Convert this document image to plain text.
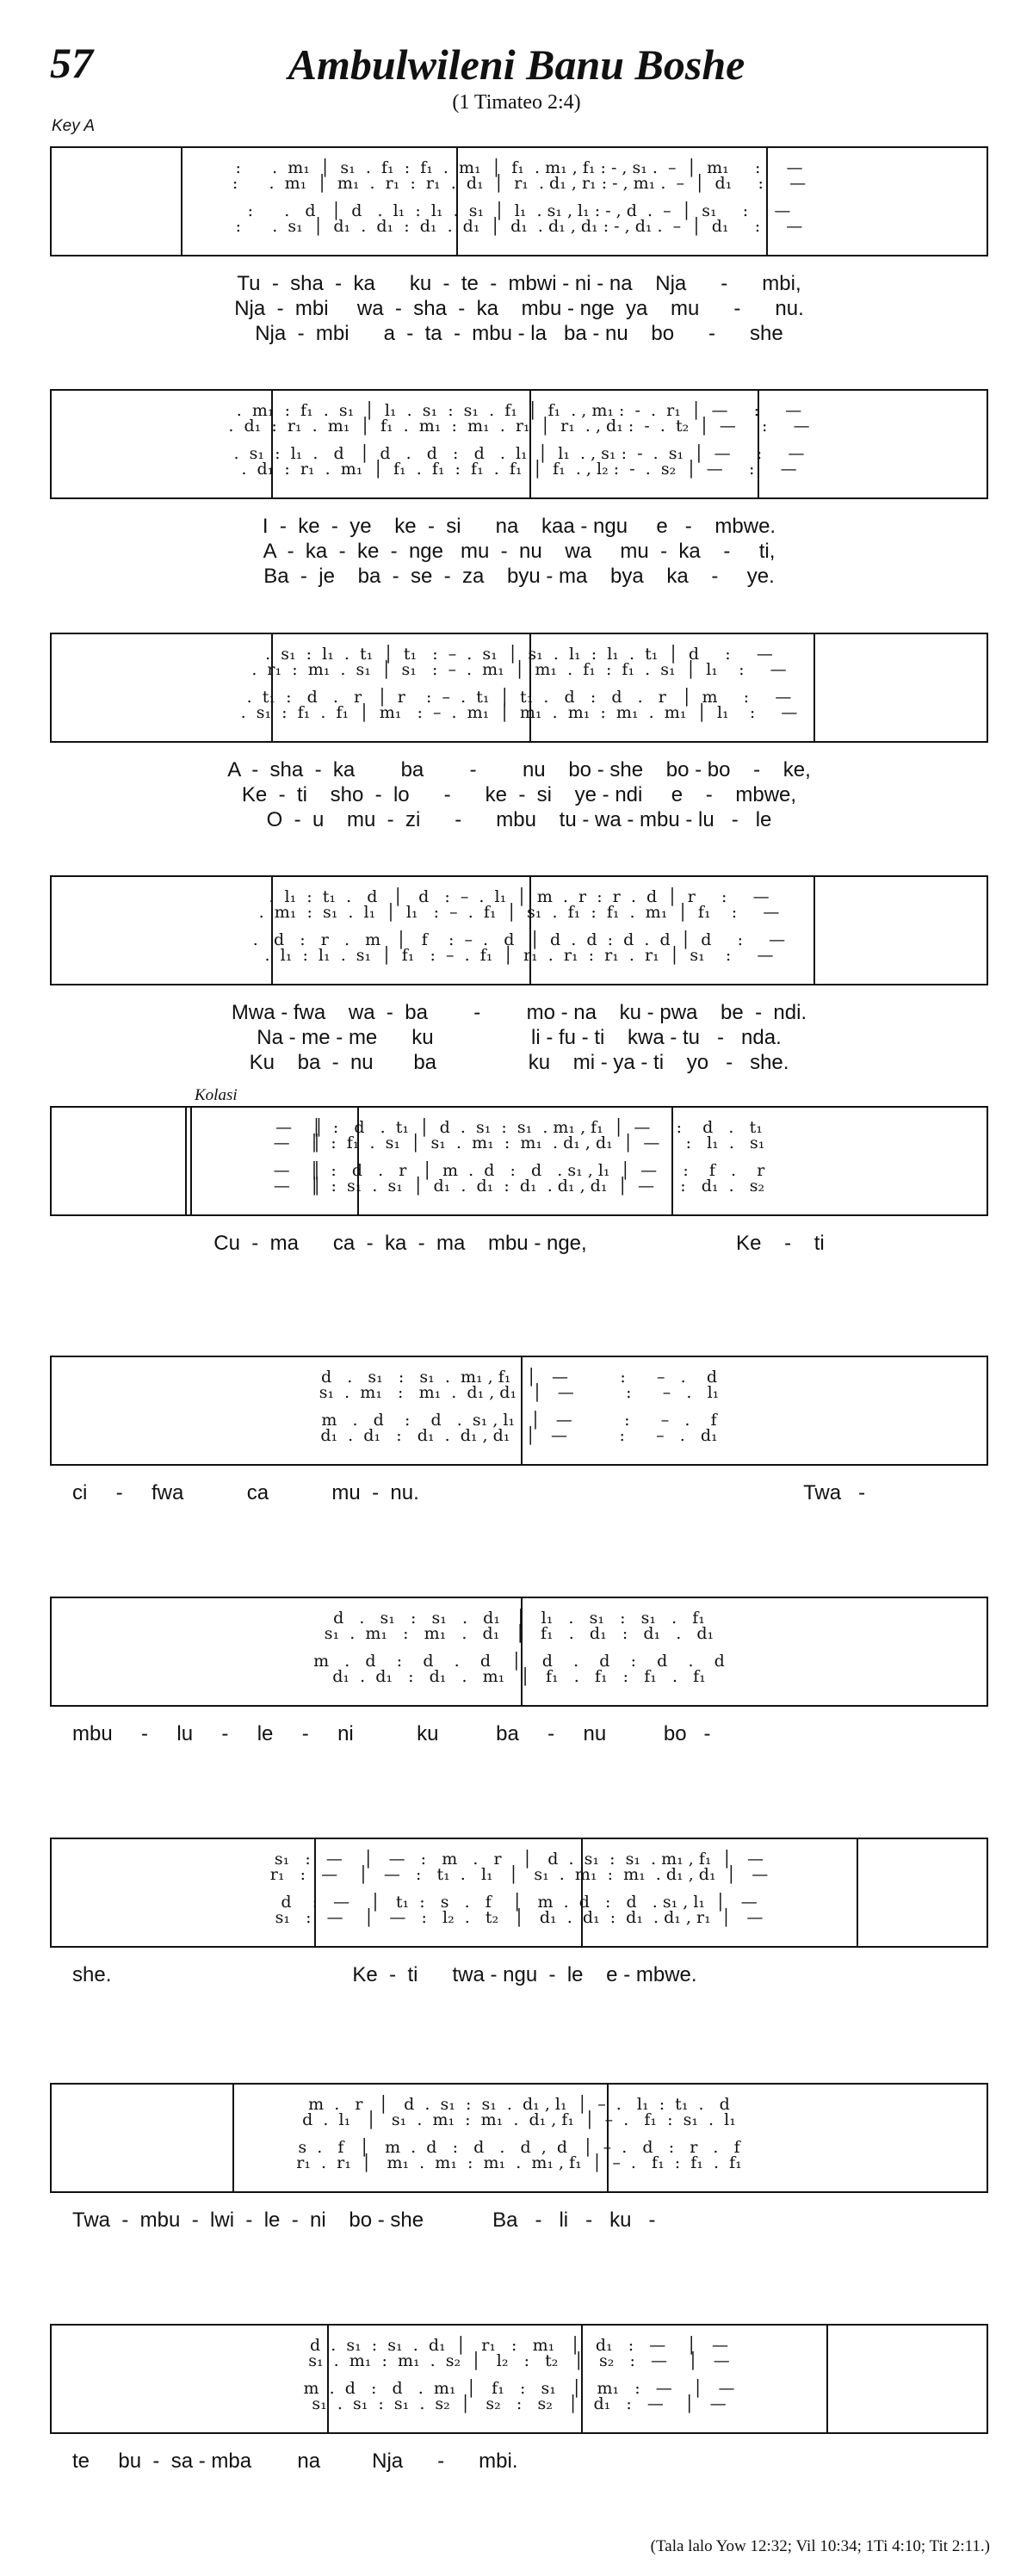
57	Ambulwileni Banu Boshe
(1 Timateo 2:4)
Key A
Kolasi
:      .  m₁  │  s₁  .  f₁  :  f₁  .  m₁  │  f₁  . m₁ , f₁ : - , s₁ .  –  │  m₁     :     —
:      .  m₁  │  m₁  .  r₁  :  r₁  .  d₁  │  r₁  . d₁ , r₁ : - , m₁ .  –  │  d₁     :     —
:      .   d   │  d   .  l₁  :  l₁  .  s₁  │  l₁  . s₁ , l₁ : - , d  .  –  │  s₁     :     —
:      .  s₁  │  d₁  .  d₁  :  d₁  .  d₁  │  d₁  . d₁ , d₁ : - , d₁ .  –  │  d₁     :     —
Tu  -  sha  -  ka      ku  -  te  -  mbwi - ni - na    Nja      -      mbi,
Nja  -  mbi     wa  -  sha  -  ka    mbu - nge  ya    mu      -      nu.
Nja  -  mbi      a  -  ta  -  mbu - la   ba - nu    bo      -      she
.  m₁  :  f₁  .  s₁  │  l₁  .  s₁  :  s₁  .  f₁  │  f₁  . , m₁ :  -  .  r₁  │  —     :     —
.  d₁  :  r₁  .  m₁  │  f₁  .  m₁  :  m₁  .  r₁  │  r₁  . , d₁ :  -  .  t₂  │  —     :     —
.  s₁  :  l₁  .   d   │  d   .   d   :   d   .  l₁  │  l₁  . , s₁ :  -  .  s₁  │  —     :     —
.  d₁  :  r₁  .  m₁  │  f₁  .  f₁  :  f₁  .  f₁  │  f₁  . , l₂ :  -  .  s₂  │  —     :     —
I  -  ke  -  ye    ke  -  si      na    kaa - ngu     e   -    mbwe.
A  -  ka  -  ke  -  nge   mu  -  nu    wa     mu  -  ka    -     ti,
Ba  -  je    ba  -  se  -  za    byu - ma    bya    ka    -     ye.
.  s₁  :  l₁  .  t₁  │  t₁   :  –  .  s₁  │  s₁  .  l₁  :  l₁  .  t₁  │  d     :     —
.  r₁  :  m₁  .  s₁  │  s₁   :  –  .  m₁  │  m₁  .  f₁  :  f₁  .  s₁  │  l₁    :     —
.  t₁  :   d   .   r   │  r    :  –  .  t₁  │  t₁  .   d   :   d   .   r   │  m     :     —
.  s₁  :  f₁  .  f₁  │  m₁   :  –  .  m₁  │  m₁  .  m₁  :  m₁  .  m₁  │  l₁    :     —
A  -  sha  -  ka        ba        -        nu    bo - she    bo - bo    -    ke,
Ke  -  ti    sho  -  lo      -      ke  -  si    ye - ndi     e    -    mbwe,
O  -  u    mu  -  zi      -      mbu    tu - wa - mbu - lu   -   le
.  l₁  :  t₁  .   d   │   d   :  –  .  l₁  │  m  .  r  :  r  .  d  │  r     :     —
.  m₁  :  s₁  .  l₁  │  l₁   :  –  .  f₁  │  s₁  .  f₁  :  f₁  .  m₁  │  f₁    :     —
.   d   :   r   .   m   │   f    :  –  .   d   │  d  .  d  :  d  .  d  │  d     :     —
.  l₁  :  l₁  .  s₁  │  f₁   :  –  .  f₁  │  r₁  .  r₁  :  r₁  .  r₁  │  s₁    :     —
Mwa - fwa    wa  -  ba        -        mo - na    ku - pwa    be  -  ndi.
Na - me - me      ku                 li - fu - ti    kwa - tu   -   nda.
Ku    ba  -  nu       ba                ku    mi - ya - ti    yo   -   she.
—    ║  :   d   .  t₁  │  d  .  s₁  :  s₁  . m₁ , f₁  │  —     :    d   .   t₁
—    ║  :  f₁  .  s₁  │  s₁  .  m₁  :  m₁  . d₁ , d₁  │  —     :   l₁  .   s₁
—    ║  :   d   .   r   │  m  .  d   :   d   . s₁ , l₁  │  —     :    f   .    r
—    ║  :  s₁  .  s₁  │  d₁  .  d₁  :  d₁  . d₁ , d₁  │  —     :   d₁  .   s₂
Cu  -  ma      ca  -  ka  -  ma    mbu - nge,                          Ke    -    ti
d   .   s₁   :   s₁  .  m₁ , f₁   │   —          :      –   .    d
s₁  .  m₁   :   m₁  .  d₁ , d₁   │   —          :      –   .   l₁
m   .   d    :    d   .  s₁ , l₁   │   —          :      –   .    f
d₁  .  d₁   :   d₁  .  d₁ , d₁   │   —          :      –   .   d₁
ci     -     fwa           ca           mu  -  nu.                                                                   Twa   -
d   .   s₁   :   s₁   .   d₁   │   l₁   .   s₁   :   s₁   .   f₁
s₁  .  m₁   :   m₁   .   d₁   │   f₁   .   d₁   :   d₁   .   d₁
m   .   d    :    d    .    d    │    d    .    d    :    d    .    d
d₁  .  d₁   :   d₁   .   m₁   │   f₁   .   f₁   :   f₁   .   f₁
mbu     -     lu     -     le     -     ni           ku          ba     -     nu          bo   -
s₁   :   —    │   —   :   m   .   r    │   d  .  s₁  :  s₁  . m₁ , f₁  │   —
r₁   :   —    │   —   :   t₁  .   l₁   │   s₁  .  m₁  :  m₁  . d₁ , d₁  │   —
d    :   —    │   t₁  :   s   .   f    │   m  .  d   :   d   . s₁ , l₁  │   —
s₁   :   —    │   —   :   l₂  .   t₂   │   d₁  .  d₁  :  d₁  . d₁ , r₁  │   —
she.                                          Ke  -  ti      twa - ngu  -  le    e - mbwe.
m  .   r   │   d  .  s₁  :  s₁  .  d₁ , l₁  │  –  .   l₁  :  t₁  .   d
d  .  l₁   │   s₁  .  m₁  :  m₁  .  d₁ , f₁  │  –  .   f₁  :  s₁  .  l₁
s  .   f   │   m  .  d   :   d   .   d  ,  d   │  –  .   d   :   r   .   f
r₁  .  r₁  │   m₁  .  m₁  :  m₁  .  m₁ , f₁  │  –  .   f₁  :  f₁  .  f₁
Twa  -  mbu  -  lwi  -  le  -  ni    bo - she            Ba   -   li   -   ku   -
d  .  s₁  :  s₁  .  d₁  │   r₁   :   m₁   │   d₁   :   —    │   —
s₁  .  m₁  :  m₁  .  s₂  │   l₂   :   t₂   │   s₂   :   —    │   —
m  .  d   :   d   .  m₁  │   f₁   :   s₁   │   m₁   :   —    │   —
s₁  .  s₁  :  s₁  .  s₂  │   s₂   :   s₂   │   d₁   :   —    │   —
te     bu  -  sa - mba        na         Nja      -      mbi.
(Tala lalo Yow 12:32; Vil 10:34; 1Ti 4:10; Tit 2:11.)
